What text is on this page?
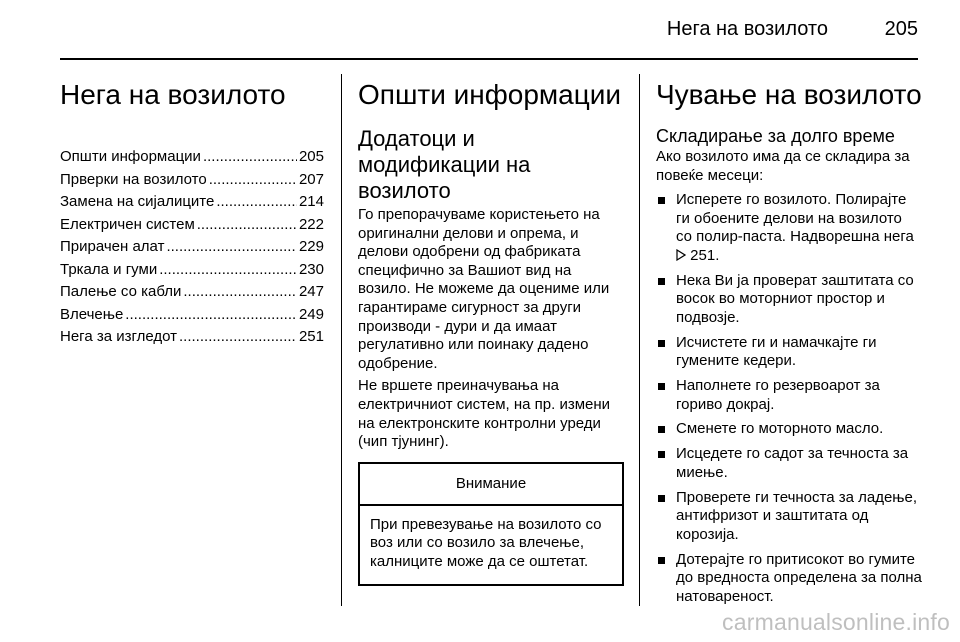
Нега на возилото	205
Нега на возилото
Општи информации .....	205
Прверки на возилото .....	207
Замена на сијалиците .....	214
Електричен систем .....	222
Прирачен алат .....	229
Тркала и гуми .....	230
Палење со кабли .....	247
Влечење .....	249
Нега за изгледот .....	251
Општи информации
Додатоци и модификации на возилото

Го препорачуваме користењето на оригинални делови и опрема, и делови одобрени од фабриката специфично за Вашиот вид на возило. Не можеме да оцениме или гарантираме сигурност за други производи - дури и да имаат регулативно или поинаку дадено одобрение.

Не вршете преиначувања на електричниот систем, на пр. измени на електронските контролни уреди (чип тјунинг).

Внимание
При превезување на возилото со воз или со возило за влечење, калниците може да се оштетат.
Чување на возилото
Складирање за долго време

Ако возилото има да се складира за повеќе месеци:

Исперете го возилото. Полирајте ги обоените делови на возилото со полир-паста. Надворешна нега  251.
Нека Ви ја проверат заштитата со восок во моторниот простор и подвозје.
Исчистете ги и намачкајте ги гумените кедери.
Наполнете го резервоарот за гориво докрај.
Сменете го моторното масло.
Исцедете го садот за течноста за миење.
Проверете ги течноста за ладење, антифризот и заштитата од корозија.
Дотерајте го притисокот во гумите до вредноста определена за полна натовареност.
carmanualsonline.info
